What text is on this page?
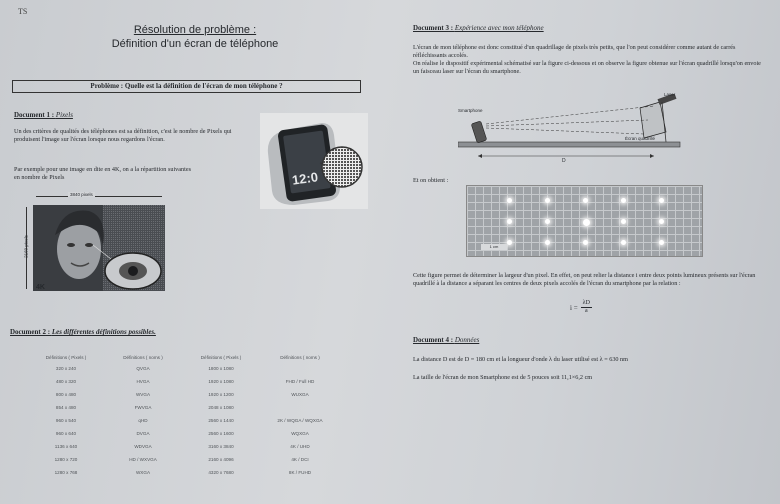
TS
Résolution de problème :
Définition d'un écran de téléphone
Problème : Quelle est la définition de l'écran de mon téléphone ?
Document 1 : Pixels
Un des critères de qualités des téléphones est sa définition, c'est le nombre de Pixels qui produisent l'image sur l'écran lorsque nous regardons l'écran.
Par exemple pour une image en dite en 4K, on a la répartition suivantes en nombre de Pixels	12:0
3840 pixels
2160 pixels
4K
Document 2 : Les différentes définitions possibles.
Définitions ( Pixels )	Définitions ( noms )	Définitions ( Pixels )	Définitions ( noms )
320 x 240	QVGA	1800 x 1080	
480 x 320	HVGA	1920 x 1080	FHD / Full HD
800 x 480	WVGA	1920 x 1200	WUXGA
854 x 480	FWVGA	2048 x 1080	
960 x 540	qHD	2560 x 1440	2K / WQGA / WQXGA
960 x 640	DVGA	2560 x 1600	WQXGA
1136 x 640	WDVGA	3160 x 3840	4K / UHD
1280 x 720	HD / WXVGA	2160 x 4096	4K / DCI
1280 x 768	WXGA	4320 x 7680	8K / FUHD
Document 3 : Expérience avec mon téléphone
L'écran de mon téléphone est donc constitué d'un quadrillage de pixels très petits, que l'on peut considérer comme autant de carrés réfléchissants accolés.
On réalise le dispositif expérimental schématisé sur la figure ci-dessous et on observe la figure obtenue sur l'écran quadrillé lorsqu'on envoie un faisceau laser sur l'écran du smartphone.
Smartphone
Laser
Écran quadrillé
D
Et on obtient :
1 cm
Cette figure permet de déterminer la largeur d'un pixel. En effet, on peut relier la distance i entre deux points lumineux présents sur l'écran quadrillé à la distance a séparant les centres de deux pixels accolés de l'écran du smartphone par la relation :
$i = \frac{\lambda D}{a}$
Document 4 : Données
La distance D est de D = 180 cm et la longueur d'onde λ du laser utilisé est λ = 630 nm
La taille de l'écran de mon Smartphone est de 5 pouces soit 11,1×6,2 cm
